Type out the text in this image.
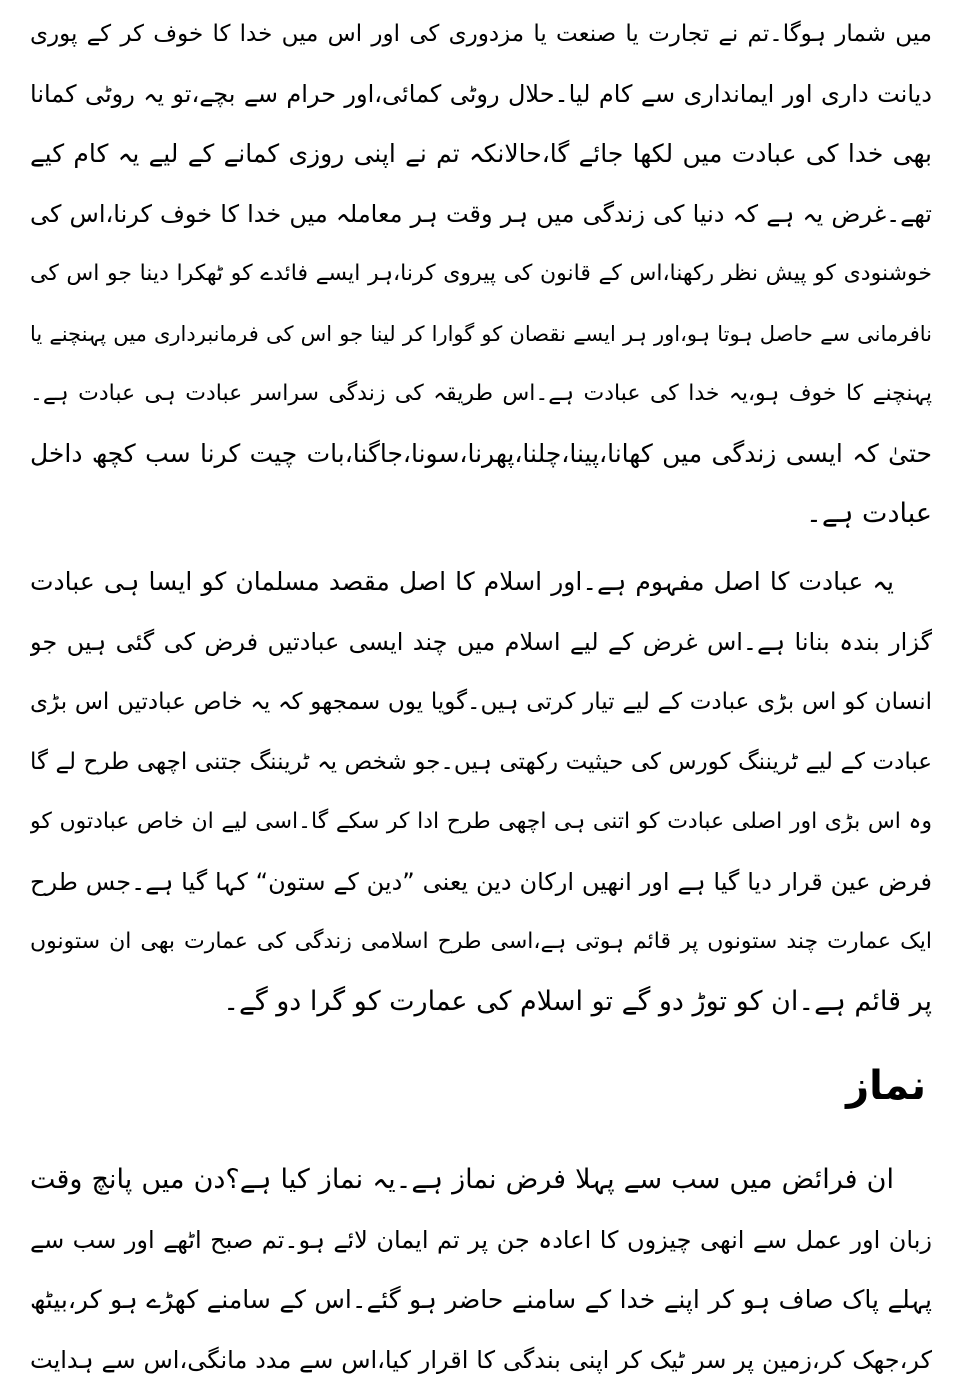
میں شمار ہوگا۔تم نے تجارت یا صنعت یا مزدوری کی اور اس میں خدا کا خوف کر کے پوری
دیانت داری اور ایمانداری سے کام لیا۔حلال روٹی کمائی،اور حرام سے بچے،تو یہ روٹی کمانا
بھی خدا کی عبادت میں لکھا جائے گا،حالانکہ تم نے اپنی روزی کمانے کے لیے یہ کام کیے
تھے۔غرض یہ ہے کہ دنیا کی زندگی میں ہر وقت ہر معاملہ میں خدا کا خوف کرنا،اس کی
خوشنودی کو پیش نظر رکھنا،اس کے قانون کی پیروی کرنا،ہر ایسے فائدے کو ٹھکرا دینا جو اس کی
نافرمانی سے حاصل ہوتا ہو،اور ہر ایسے نقصان کو گوارا کر لینا جو اس کی فرمانبرداری میں پہنچنے یا
پہنچنے کا خوف ہو،یہ خدا کی عبادت ہے۔اس طریقہ کی زندگی سراسر عبادت ہی عبادت ہے۔
حتیٰ کہ ایسی زندگی میں کھانا،پینا،چلنا،پھرنا،سونا،جاگنا،بات چیت کرنا سب کچھ داخل
عبادت ہے۔
یہ عبادت کا اصل مفہوم ہے۔اور اسلام کا اصل مقصد مسلمان کو ایسا ہی عبادت
گزار بندہ بنانا ہے۔اس غرض کے لیے اسلام میں چند ایسی عبادتیں فرض کی گئی ہیں جو
انسان کو اس بڑی عبادت کے لیے تیار کرتی ہیں۔گویا یوں سمجھو کہ یہ خاص عبادتیں اس بڑی
عبادت کے لیے ٹریننگ کورس کی حیثیت رکھتی ہیں۔جو شخص یہ ٹریننگ جتنی اچھی طرح لے گا
وہ اس بڑی اور اصلی عبادت کو اتنی ہی اچھی طرح ادا کر سکے گا۔اسی لیے ان خاص عبادتوں کو
فرض عین قرار دیا گیا ہے اور انھیں ارکان دین یعنی ”دین کے ستون“ کہا گیا ہے۔جس طرح
ایک عمارت چند ستونوں پر قائم ہوتی ہے،اسی طرح اسلامی زندگی کی عمارت بھی ان ستونوں
پر قائم ہے۔ان کو توڑ دو گے تو اسلام کی عمارت کو گرا دو گے۔
نماز
ان فرائض میں سب سے پہلا فرض نماز ہے۔یہ نماز کیا ہے؟دن میں پانچ وقت
زبان اور عمل سے انھی چیزوں کا اعادہ جن پر تم ایمان لائے ہو۔تم صبح اٹھے اور سب سے
پہلے پاک صاف ہو کر اپنے خدا کے سامنے حاضر ہو گئے۔اس کے سامنے کھڑے ہو کر،بیٹھ
کر،جھک کر،زمین پر سر ٹیک کر اپنی بندگی کا اقرار کیا،اس سے مدد مانگی،اس سے ہدایت
